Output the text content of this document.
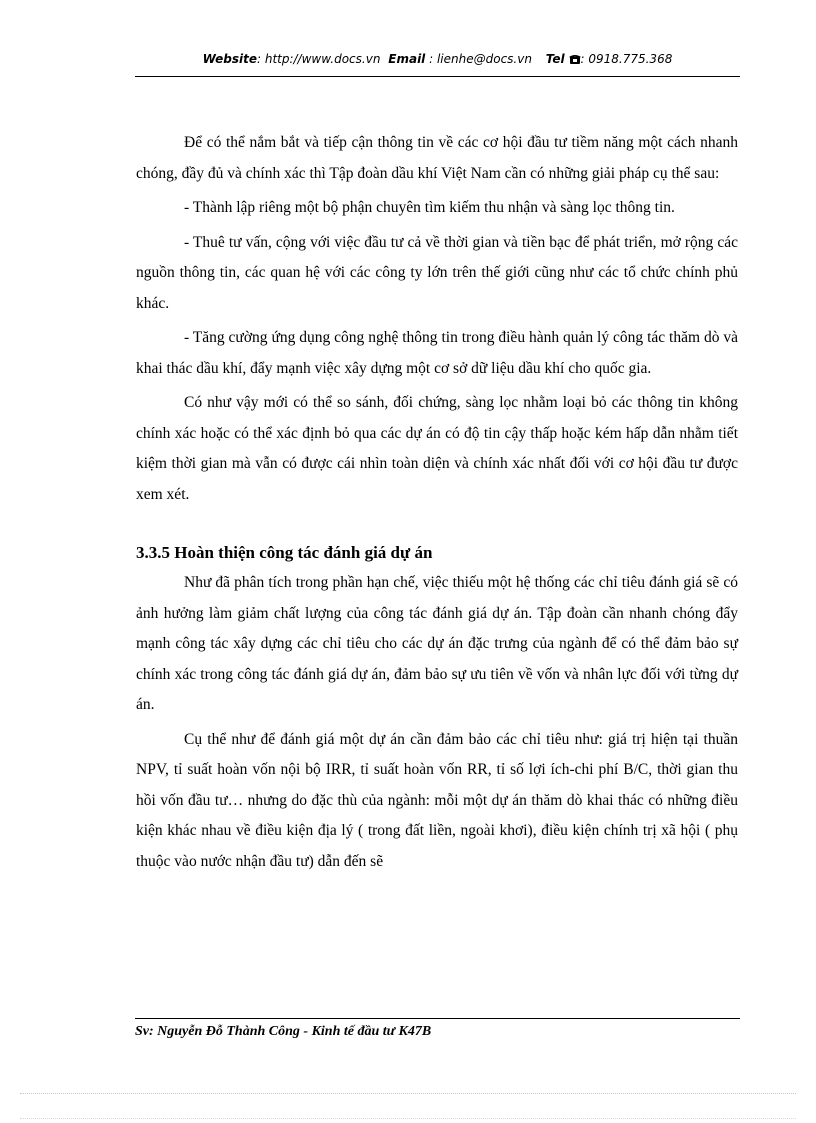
Website: http://www.docs.vn Email : lienhe@docs.vn Tel : 0918.775.368

Để có thể nắm bắt và tiếp cận thông tin về các cơ hội đầu tư tiềm năng một cách nhanh chóng, đầy đủ và chính xác thì Tập đoàn dầu khí Việt Nam cần có những giải pháp cụ thể sau:

- Thành lập riêng một bộ phận chuyên tìm kiếm thu nhận và sàng lọc thông tin.

- Thuê tư vấn, cộng với việc đầu tư cả về thời gian và tiền bạc để phát triển, mở rộng các nguồn thông tin, các quan hệ với các công ty lớn trên thế giới cũng như các tổ chức chính phủ khác.

- Tăng cường ứng dụng công nghệ thông tin trong điều hành quản lý công tác thăm dò và khai thác dầu khí, đẩy mạnh việc xây dựng một cơ sở dữ liệu dầu khí cho quốc gia.

Có như vậy mới có thể so sánh, đối chứng, sàng lọc nhằm loại bỏ các thông tin không chính xác hoặc có thể xác định bỏ qua các dự án có độ tin cậy thấp hoặc kém hấp dẫn nhằm tiết kiệm thời gian mà vẫn có được cái nhìn toàn diện và chính xác nhất đối với cơ hội đầu tư được xem xét.

3.3.5 Hoàn thiện công tác đánh giá dự án

Như đã phân tích trong phần hạn chế, việc thiếu một hệ thống các chỉ tiêu đánh giá sẽ có ảnh hưởng làm giảm chất lượng của công tác đánh giá dự án. Tập đoàn cần nhanh chóng đẩy mạnh công tác xây dựng các chỉ tiêu cho các dự án đặc trưng của ngành để có thể đảm bảo sự chính xác trong công tác đánh giá dự án, đảm bảo sự ưu tiên về vốn và nhân lực đối với từng dự án.

Cụ thể như để đánh giá một dự án cần đảm bảo các chỉ tiêu như: giá trị hiện tại thuần NPV, tỉ suất hoàn vốn nội bộ IRR, tỉ suất hoàn vốn RR, tỉ số lợi ích-chi phí B/C, thời gian thu hồi vốn đầu tư… nhưng do đặc thù của ngành: mỗi một dự án thăm dò khai thác có những điều kiện khác nhau về điều kiện địa lý ( trong đất liền, ngoài khơi), điều kiện chính trị xã hội ( phụ thuộc vào nước nhận đầu tư) dẫn đến sẽ

Sv: Nguyễn Đỗ Thành Công - Kinh tế đầu tư K47B
